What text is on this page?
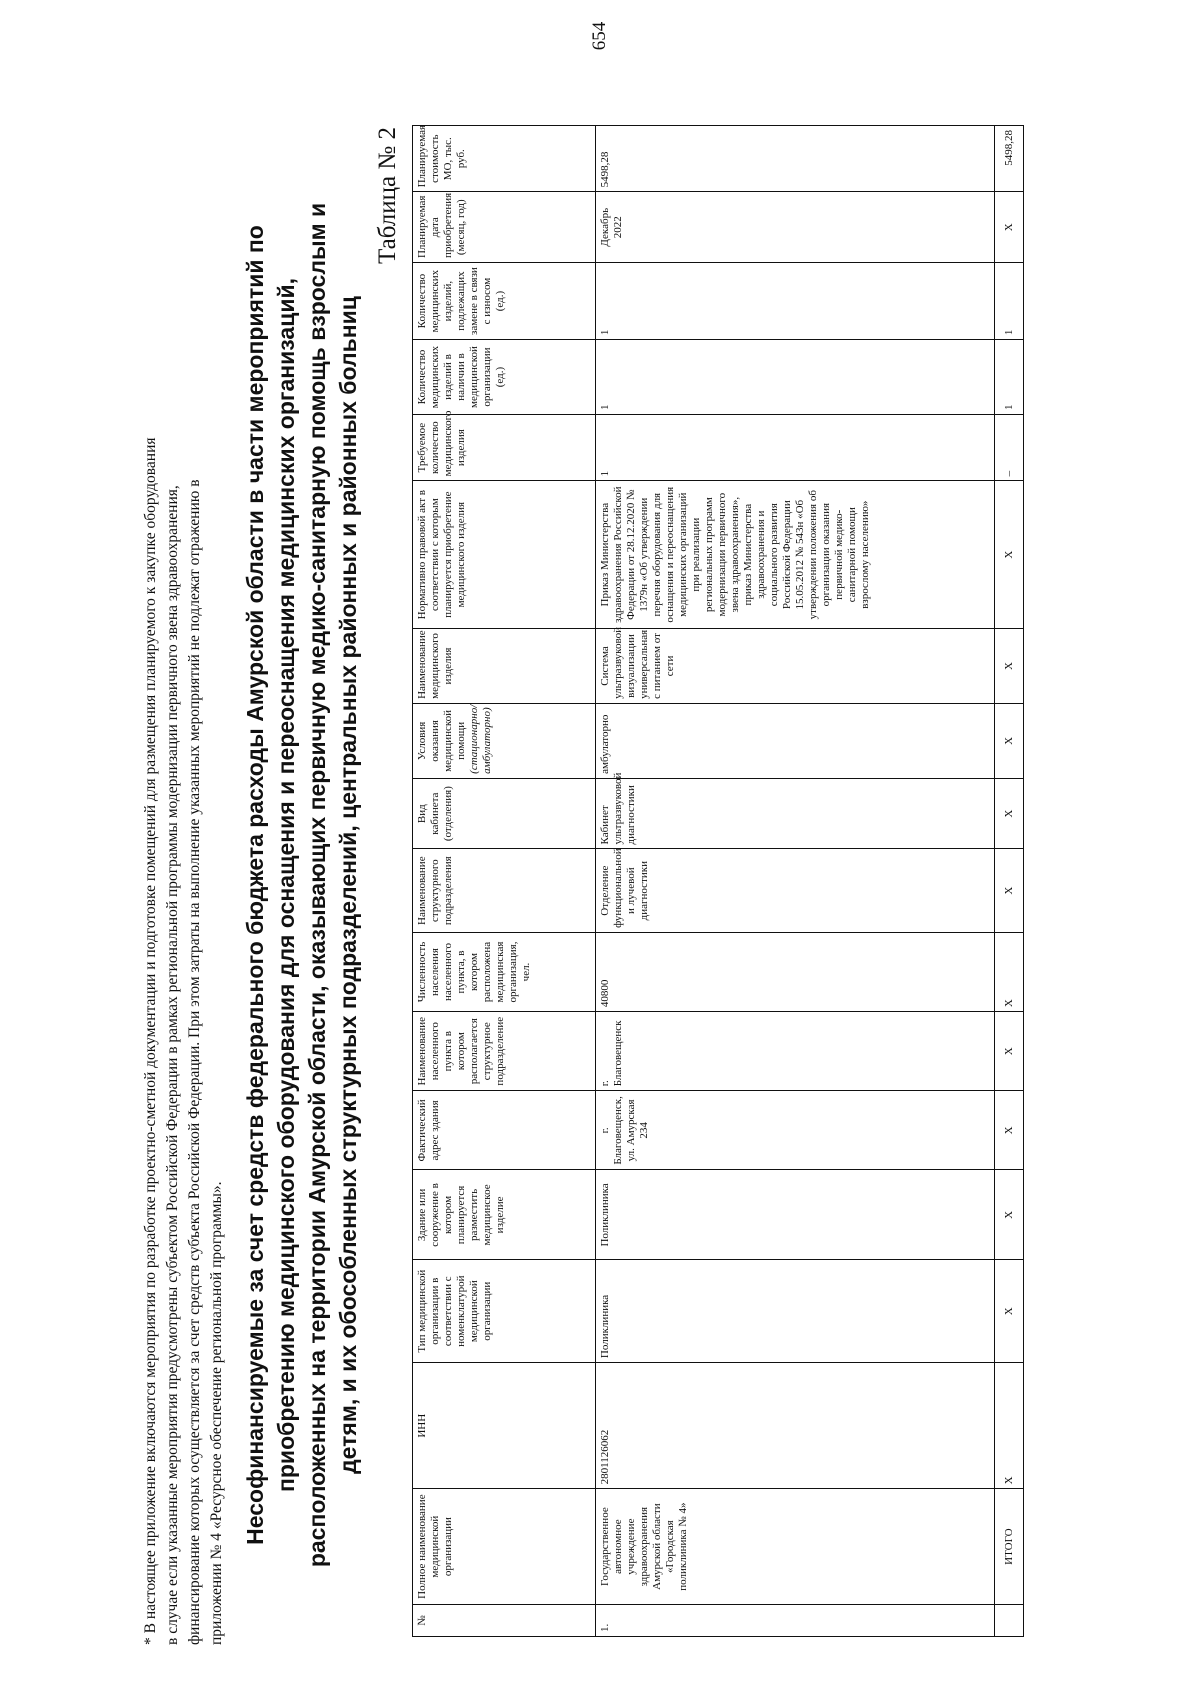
654

* В настоящее приложение включаются мероприятия по разработке проектно-сметной документации и подготовке помещений для размещения планируемого к закупке оборудования в случае если указанные мероприятия предусмотрены субъектом Российской Федерации в рамках региональной программы модернизации первичного звена здравоохранения, финансирование которых осуществляется за счет средств субъекта Российской Федерации. При этом затраты на выполнение указанных мероприятий не подлежат отражению в приложении № 4 «Ресурсное обеспечение региональной программы». Несофинансируемые за счет средств федерального бюджета расходы Амурской области в части мероприятий по приобретению медицинского оборудования для оснащения и переоснащения медицинских организаций, расположенных на территории Амурской области, оказывающих первичную медико-санитарную помощь взрослым и детям, и их обособленных структурных подразделений, центральных районных и районных больниц
Таблица № 2
№	Полное наименование медицинской организации	ИНН	Тип медицинской организации в соответствии с номенклатурой медицинской организации	Здание или сооружение в котором планируется разместить медицинское изделие	Фактический адрес здания	Наименование населенного пункта в котором располагается структурное подразделение	Численность населения населенного пункта, в котором расположена медицинская организация, чел.	Наименование структурного подразделения	Вид кабинета (отделения)	Условия оказания медицинской помощи (стационарно/ амбулаторно)	Наименование медицинского изделия	Нормативно правовой акт в соответствии с которым планируется приобретение медицинского изделия	Требуемое количество медицинского изделия	Количество медицинских изделий в наличии в медицинской организации (ед.)	Количество медицинских изделий, подлежащих замене в связи с износом (ед.)	Планируемая дата приобретения (месяц, год)	Планируемая стоимость МО, тыс. руб.
1.	Государственное автономное учреждение здравоохранения Амурской области «Городская поликлиника № 4»	2801126062	Поликлиника	Поликлиника	г. Благовещенск, ул. Амурская 234	г. Благовещенск	40800	Отделение функциональной и лучевой диагностики	Кабинет ультразвуковой диагностики	амбулаторно	Система ультразвуковой визуализации универсальная с питанием от сети	Приказ Министерства здравоохранения Российской Федерации от 28.12.2020 № 1379н «Об утверждении перечня оборудования для оснащения и переоснащения медицинских организаций при реализации региональных программ модернизации первичного звена здравоохранения», приказ Министерства здравоохранения и социального развития Российской Федерации 15.05.2012 № 543н «Об утверждении положения об организации оказания первичной медико-санитарной помощи взрослому населению»	1	1	1	Декабрь 2022	5498,28
	ИТОГО	X	X	X	X	X	X	X	X	X	X	X	–	1	1	X	5498,28
